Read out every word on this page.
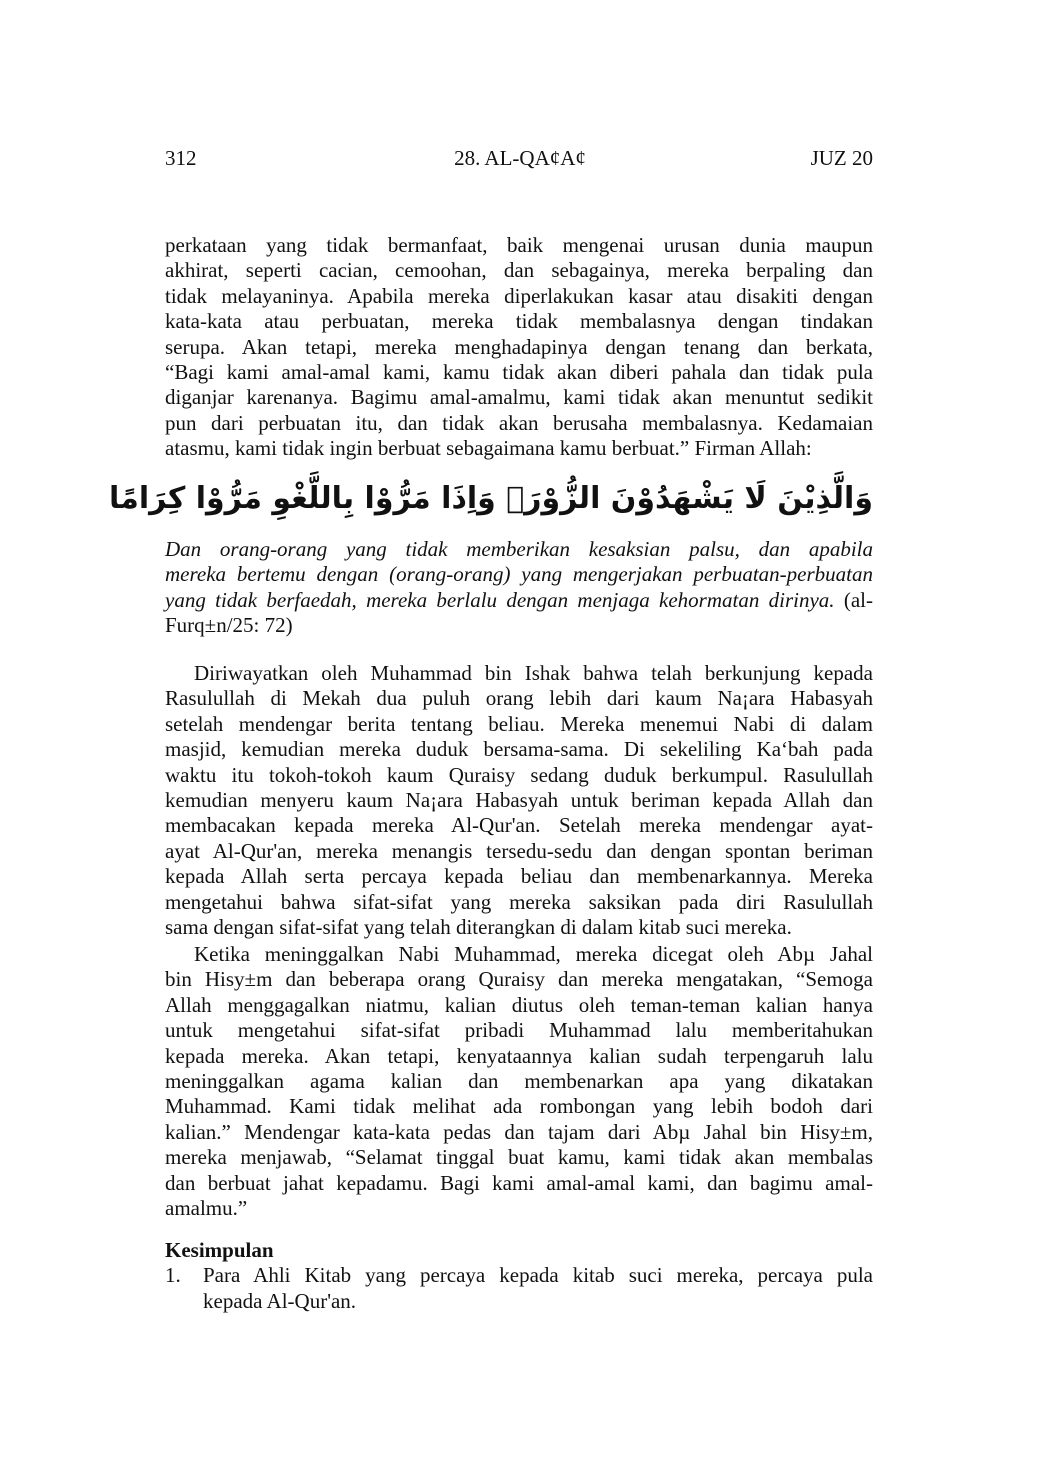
312	28. AL-QA¢A¢	JUZ 20
perkataan yang tidak bermanfaat, baik mengenai urusan dunia maupun
akhirat, seperti cacian, cemoohan, dan sebagainya, mereka berpaling dan
tidak melayaninya. Apabila mereka diperlakukan kasar atau disakiti dengan
kata-kata atau perbuatan, mereka tidak membalasnya dengan tindakan
serupa. Akan tetapi, mereka menghadapinya dengan tenang dan berkata,
“Bagi kami amal-amal kami, kamu tidak akan diberi pahala dan tidak pula
diganjar karenanya. Bagimu amal-amalmu, kami tidak akan menuntut sedikit
pun dari perbuatan itu, dan tidak akan berusaha membalasnya. Kedamaian
atasmu, kami tidak ingin berbuat sebagaimana kamu berbuat.” Firman Allah:
وَالَّذِيْنَ لَا يَشْهَدُوْنَ الزُّوْرَۙ وَاِذَا مَرُّوْا بِاللَّغْوِ مَرُّوْا كِرَامًا
Dan orang-orang yang tidak memberikan kesaksian palsu, dan apabila
mereka bertemu dengan (orang-orang) yang mengerjakan perbuatan-perbuatan
yang tidak berfaedah, mereka berlalu dengan menjaga kehormatan dirinya. (al-
Furq±n/25: 72)
Diriwayatkan oleh Muhammad bin Ishak bahwa telah berkunjung kepada
Rasulullah di Mekah dua puluh orang lebih dari kaum Na¡ara Habasyah
setelah mendengar berita tentang beliau. Mereka menemui Nabi di dalam
masjid, kemudian mereka duduk bersama-sama. Di sekeliling Ka‘bah pada
waktu itu tokoh-tokoh kaum Quraisy sedang duduk berkumpul. Rasulullah
kemudian menyeru kaum Na¡ara Habasyah untuk beriman kepada Allah dan
membacakan kepada mereka Al-Qur'an. Setelah mereka mendengar ayat-
ayat Al-Qur'an, mereka menangis tersedu-sedu dan dengan spontan beriman
kepada Allah serta percaya kepada beliau dan membenarkannya. Mereka
mengetahui bahwa sifat-sifat yang mereka saksikan pada diri Rasulullah
sama dengan sifat-sifat yang telah diterangkan di dalam kitab suci mereka.
Ketika meninggalkan Nabi Muhammad, mereka dicegat oleh Abµ Jahal
bin Hisy±m dan beberapa orang Quraisy dan mereka mengatakan, “Semoga
Allah menggagalkan niatmu, kalian diutus oleh teman-teman kalian hanya
untuk mengetahui sifat-sifat pribadi Muhammad lalu memberitahukan
kepada mereka. Akan tetapi, kenyataannya kalian sudah terpengaruh lalu
meninggalkan agama kalian dan membenarkan apa yang dikatakan
Muhammad. Kami tidak melihat ada rombongan yang lebih bodoh dari
kalian.” Mendengar kata-kata pedas dan tajam dari Abµ Jahal bin Hisy±m,
mereka menjawab, “Selamat tinggal buat kamu, kami tidak akan membalas
dan berbuat jahat kepadamu. Bagi kami amal-amal kami, dan bagimu amal-
amalmu.”
Kesimpulan
1.	Para Ahli Kitab yang percaya kepada kitab suci mereka, percaya pula
kepada Al-Qur'an.
